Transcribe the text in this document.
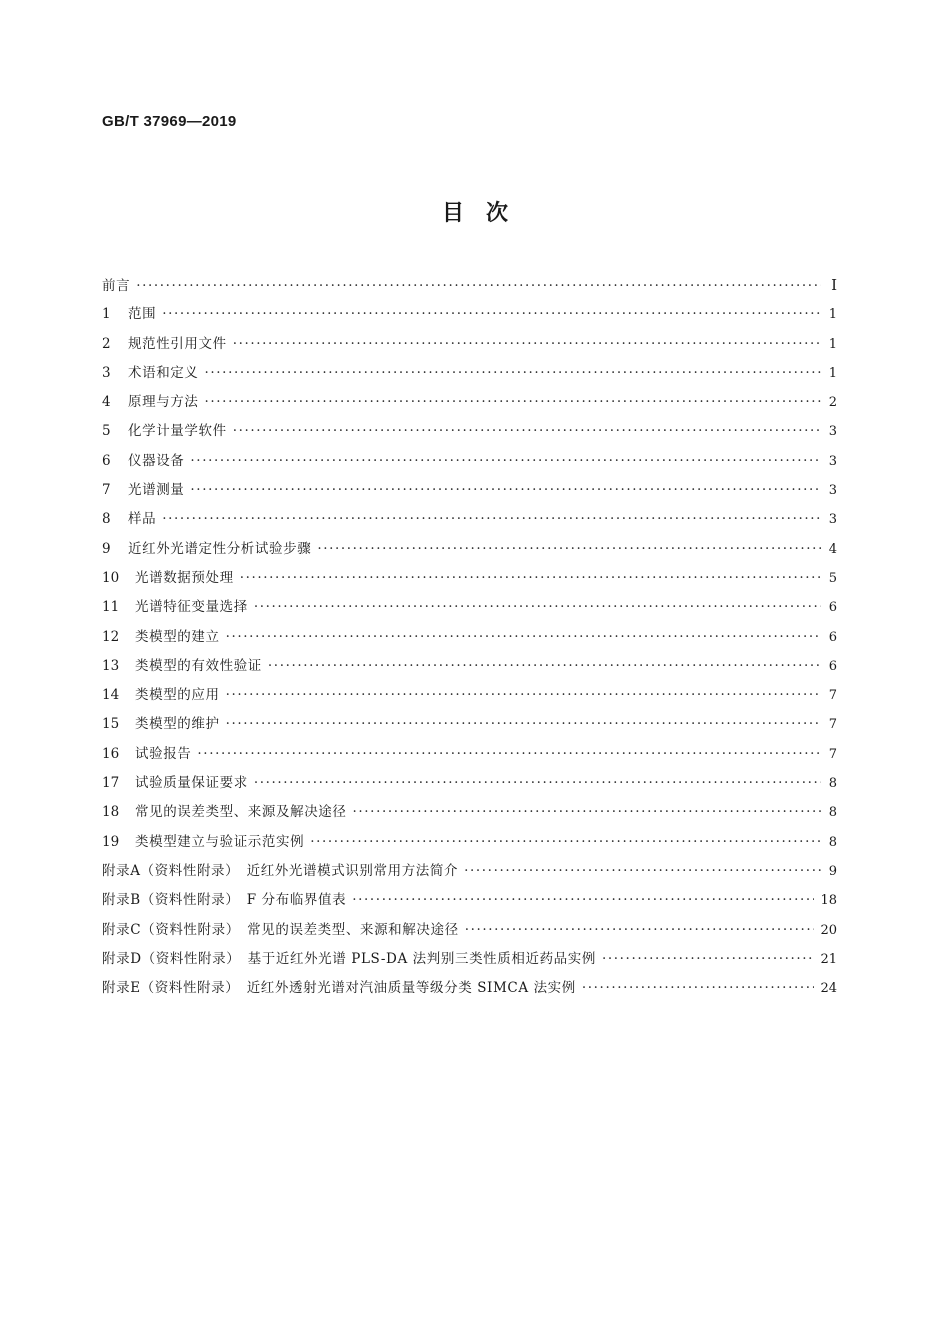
GB/T 37969—2019
目　次
前言 ·····	Ⅰ
1	范围 ·····	1
2	规范性引用文件 ·····	1
3	术语和定义 ·····	1
4	原理与方法 ·····	2
5	化学计量学软件 ·····	3
6	仪器设备 ·····	3
7	光谱测量 ·····	3
8	样品 ·····	3
9	近红外光谱定性分析试验步骤 ·····	4
10	光谱数据预处理 ·····	5
11	光谱特征变量选择 ·····	6
12	类模型的建立 ·····	6
13	类模型的有效性验证 ·····	6
14	类模型的应用 ·····	7
15	类模型的维护 ·····	7
16	试验报告 ·····	7
17	试验质量保证要求 ·····	8
18	常见的误差类型、来源及解决途径 ·····	8
19	类模型建立与验证示范实例 ·····	8
附录A（资料性附录）　近红外光谱模式识别常用方法简介 ·····	9
附录B（资料性附录）　F 分布临界值表 ·····	18
附录C（资料性附录）　常见的误差类型、来源和解决途径 ·····	20
附录D（资料性附录）　基于近红外光谱 PLS-DA 法判别三类性质相近药品实例 ·····	21
附录E（资料性附录）　近红外透射光谱对汽油质量等级分类 SIMCA 法实例 ·····	24
